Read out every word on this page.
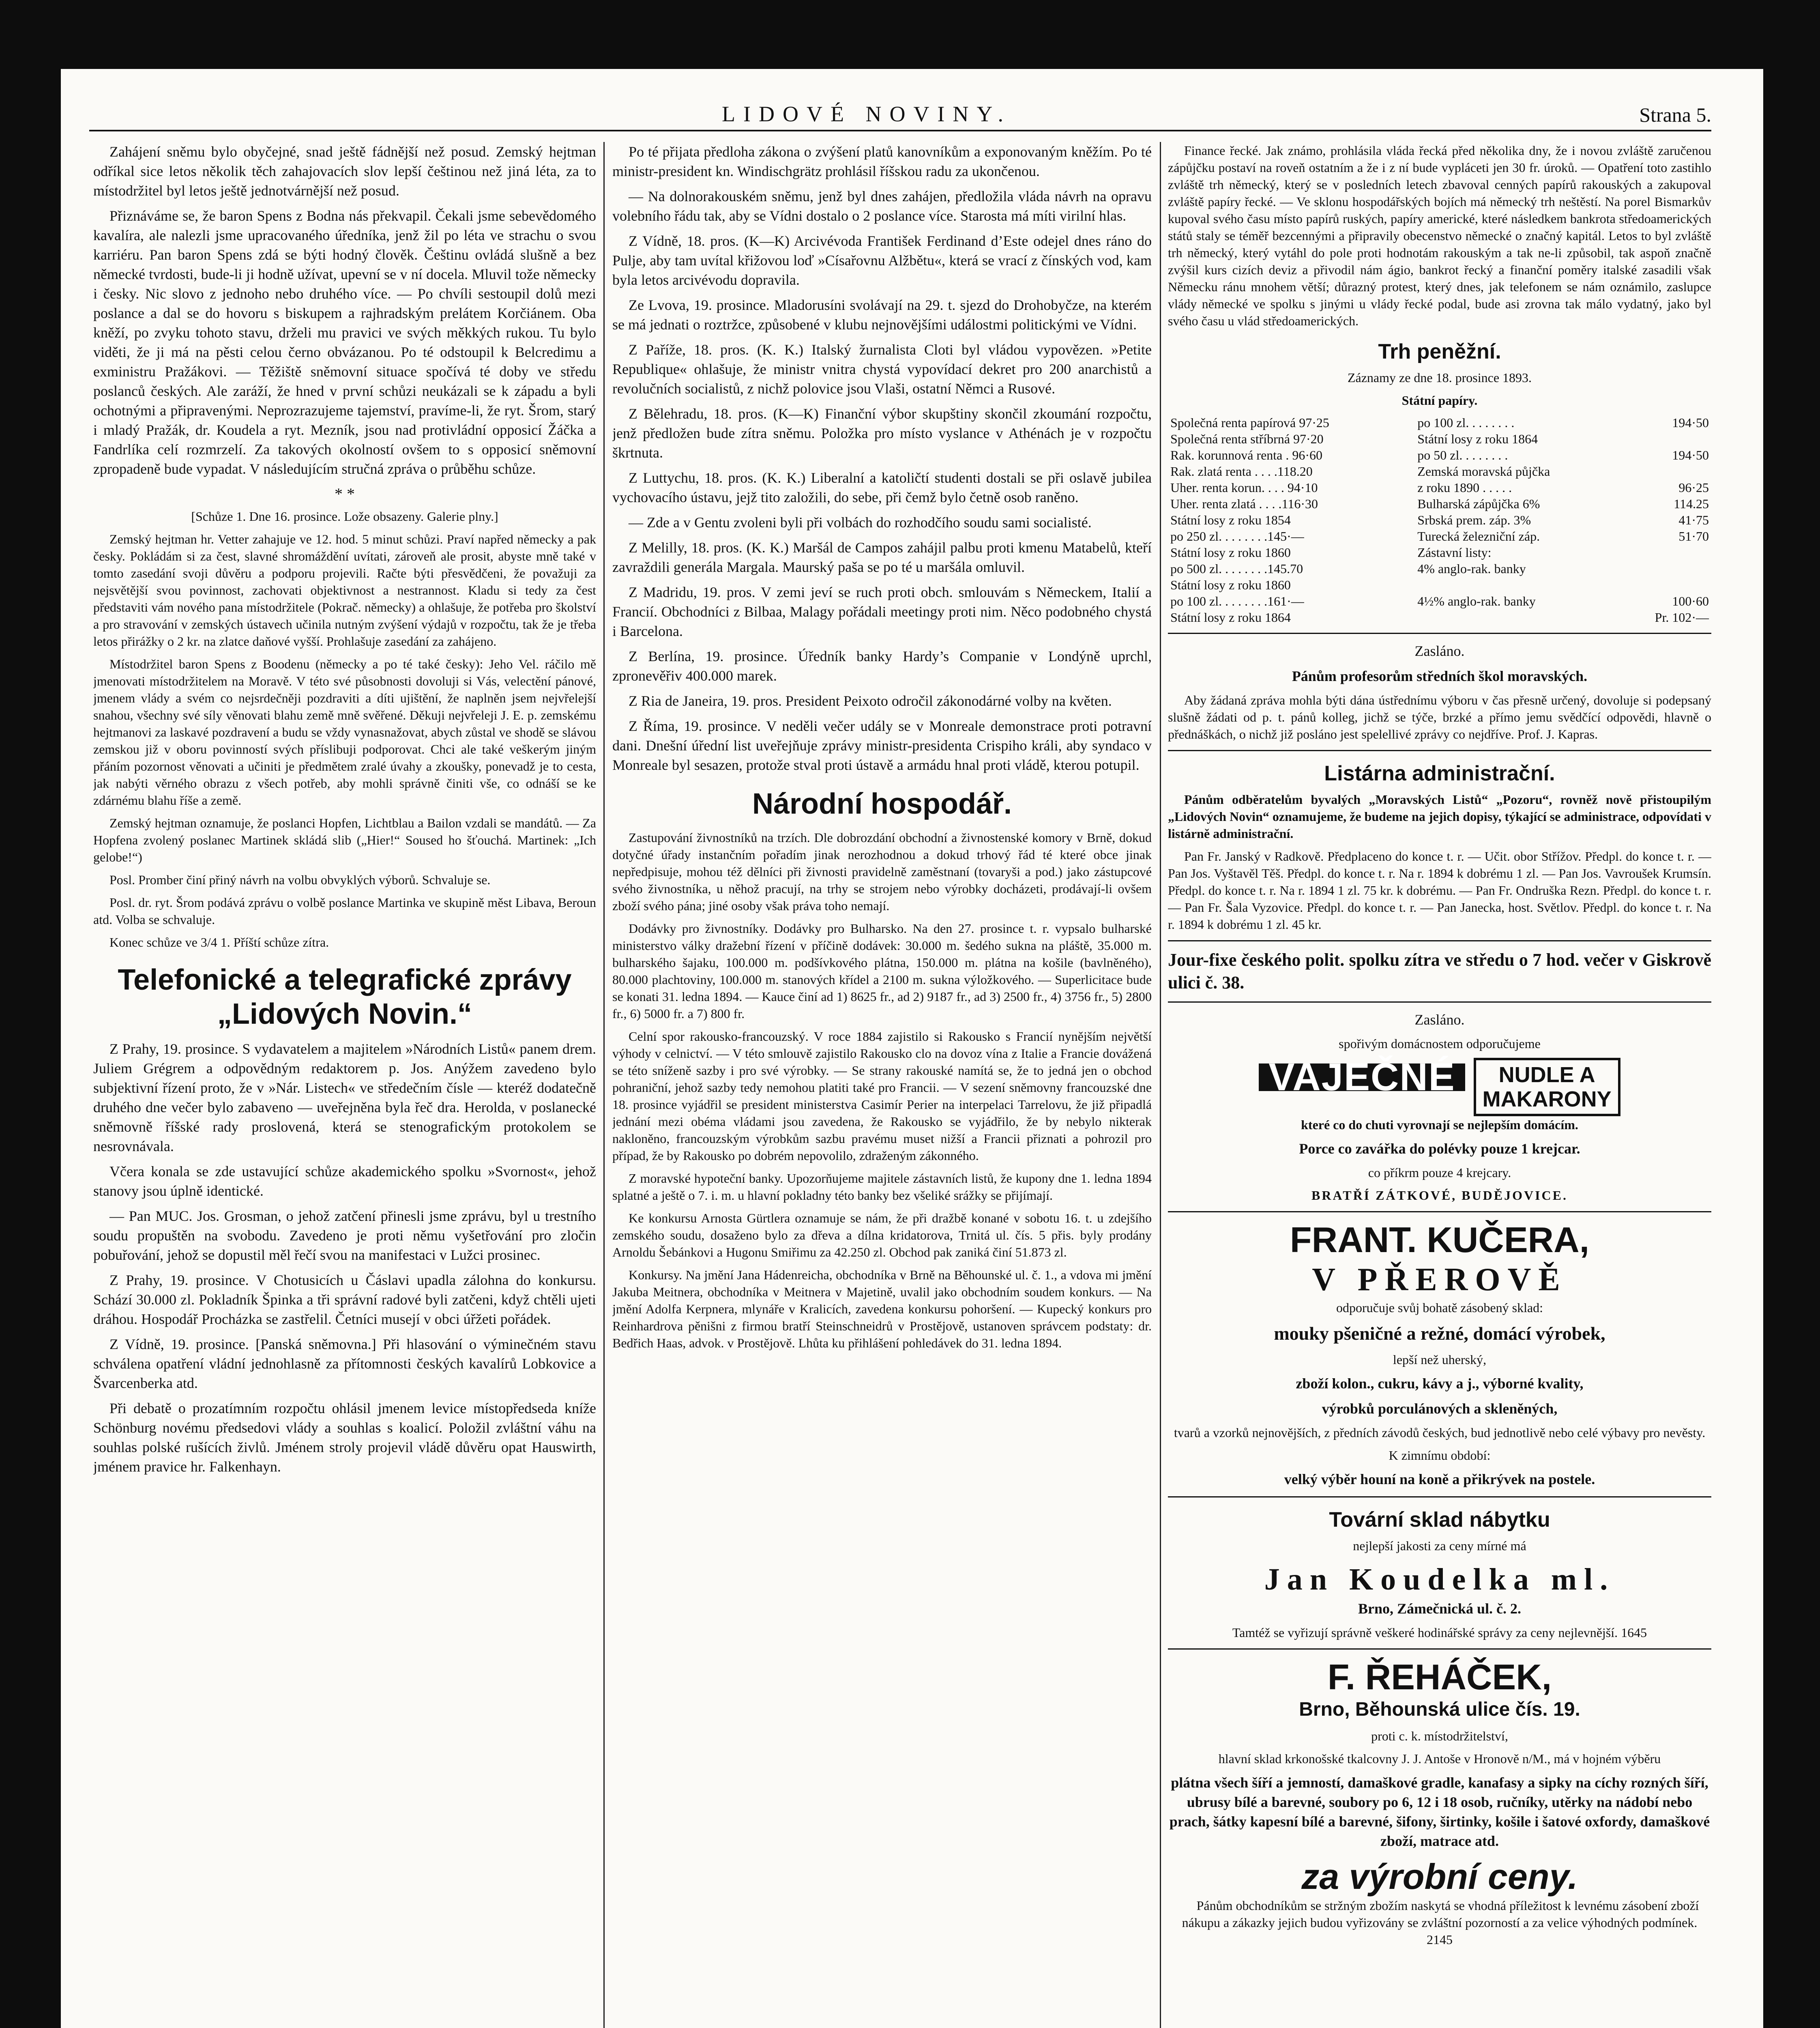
LIDOVÉ NOVINY.	Strana 5.

Zahájení sněmu bylo obyčejné, snad ještě fádnější než posud. Zemský hejtman odříkal sice letos několik těch zahajovacích slov lepší češtinou než jiná léta, za to místodržitel byl letos ještě jednotvárnější než posud.

Přiznáváme se, že baron Spens z Bodna nás překvapil. Čekali jsme sebevědomého kavalíra, ale nalezli jsme upracovaného úředníka, jenž žil po léta ve strachu o svou karriéru. Pan baron Spens zdá se býti hodný člověk. Češtinu ovládá slušně a bez německé tvrdosti, bude-li ji hodně užívat, upevní se v ní docela. Mluvil tože německy i česky. Nic slovo z jednoho nebo druhého více. — Po chvíli sestoupil dolů mezi poslance a dal se do hovoru s biskupem a rajhradským prelátem Korčiánem. Oba kněží, po zvyku tohoto stavu, drželi mu pravici ve svých měkkých rukou. Tu bylo viděti, že ji má na pěsti celou černo obvázanou. Po té odstoupil k Belcredimu a exministru Pražákovi. — Těžiště sněmovní situace spočívá té doby ve středu poslanců českých. Ale zaráží, že hned v první schůzi neukázali se k západu a byli ochotnými a připravenými. Neprozrazujeme tajemství, pravíme-li, že ryt. Šrom, starý i mladý Pražák, dr. Koudela a ryt. Mezník, jsou nad protivládní opposicí Žáčka a Fandrlíka celí rozmrzelí. Za takových okolností ovšem to s opposicí sněmovní zpropadeně bude vypadat. V následujícím stručná zpráva o průběhu schůze.

* *

[Schůze 1. Dne 16. prosince. Lože obsazeny. Galerie plny.]

Zemský hejtman hr. Vetter zahajuje ve 12. hod. 5 minut schůzi. Praví napřed německy a pak česky. Pokládám si za čest, slavné shromáždění uvítati, zároveň ale prosit, abyste mně také v tomto zasedání svoji důvěru a podporu projevili. Račte býti přesvědčeni, že považuji za nejsvětější svou povinnost, zachovati objektivnost a nestrannost. Kladu si tedy za čest představiti vám nového pana místodržitele (Pokrač. německy) a ohlašuje, že potřeba pro školství a pro stravování v zemských ústavech učinila nutným zvýšení výdajů v rozpočtu, tak že je třeba letos přirážky o 2 kr. na zlatce daňové vyšší. Prohlašuje zasedání za zahájeno.

Místodržitel baron Spens z Boodenu (německy a po té také česky): Jeho Vel. ráčilo mě jmenovati místodržitelem na Moravě. V této své působnosti dovoluji si Vás, velectění pánové, jmenem vlády a svém co nejsrdečněji pozdraviti a díti ujištění, že naplněn jsem nejvřelejší snahou, všechny své síly věnovati blahu země mně svěřené. Děkuji nejvřeleji J. E. p. zemskému hejtmanovi za laskavé pozdravení a budu se vždy vynasnažovat, abych zůstal ve shodě se slávou zemskou již v oboru povinností svých příslibuji podporovat. Chci ale také veškerým jiným přáním pozornost věnovati a učiniti je předmětem zralé úvahy a zkoušky, ponevadž je to cesta, jak nabýti věrného obrazu z všech potřeb, aby mohli správně činiti vše, co odnáší se ke zdárnému blahu říše a země.

Zemský hejtman oznamuje, že poslanci Hopfen, Lichtblau a Bailon vzdali se mandátů. — Za Hopfena zvolený poslanec Martinek skládá slib („Hier!“ Soused ho šťouchá. Martinek: „Ich gelobe!“)

Posl. Promber činí přiný návrh na volbu obvyklých výborů. Schvaluje se.

Posl. dr. ryt. Šrom podává zprávu o volbě poslance Martinka ve skupině měst Libava, Beroun atd. Volba se schvaluje.

Konec schůze ve 3/4 1. Příští schůze zítra.

Telefonické a telegrafické zprávy „Lidových Novin.“

Z Prahy, 19. prosince. S vydavatelem a majitelem »Národních Listů« panem drem. Juliem Grégrem a odpovědným redaktorem p. Jos. Anýžem zavedeno bylo subjektivní řízení proto, že v »Nár. Listech« ve středečním čísle — kteréž dodatečně druhého dne večer bylo zabaveno — uveřejněna byla řeč dra. Herolda, v poslanecké sněmovně říšské rady proslovená, která se stenografickým protokolem se nesrovnávala.

Včera konala se zde ustavující schůze akademického spolku »Svornost«, jehož stanovy jsou úplně identické.

— Pan MUC. Jos. Grosman, o jehož zatčení přinesli jsme zprávu, byl u trestního soudu propuštěn na svobodu. Zavedeno je proti němu vyšetřování pro zločin pobuřování, jehož se dopustil měl řečí svou na manifestaci v Lužci prosinec.

Z Prahy, 19. prosince. V Chotusicích u Čáslavi upadla zálohna do konkursu. Schází 30.000 zl. Pokladník Špinka a tři správní radové byli zatčeni, když chtěli ujeti dráhou. Hospodář Procházka se zastřelil. Četníci musejí v obci úřžeti pořádek.

Z Vídně, 19. prosince. [Panská sněmovna.] Při hlasování o výminečném stavu schválena opatření vládní jednohlasně za přítomnosti českých kavalírů Lobkovice a Švarcenberka atd.

Při debatě o prozatímním rozpočtu ohlásil jmenem levice místopředseda kníže Schönburg novému předsedovi vlády a souhlas s koalicí. Položil zvláštní váhu na souhlas polské rušících živlů. Jménem stroly projevil vládě důvěru opat Hauswirth, jménem pravice hr. Falkenhayn.

Po té přijata předloha zákona o zvýšení platů kanovníkům a exponovaným kněžím. Po té ministr-president kn. Windischgrätz prohlásil říšskou radu za ukončenou.

— Na dolnorakouském sněmu, jenž byl dnes zahájen, předložila vláda návrh na opravu volebního řádu tak, aby se Vídni dostalo o 2 poslance více. Starosta má míti virilní hlas.

Z Vídně, 18. pros. (K—K) Arcivévoda František Ferdinand d’Este odejel dnes ráno do Pulje, aby tam uvítal křižovou loď »Císařovnu Alžbětu«, která se vrací z čínských vod, kam byla letos arcivévodu dopravila.

Ze Lvova, 19. prosince. Mladorusíni svolávají na 29. t. sjezd do Drohobyčze, na kterém se má jednati o roztržce, způsobené v klubu nejnovějšími událostmi politickými ve Vídni.

Z Paříže, 18. pros. (K. K.) Italský žurnalista Cloti byl vládou vypovězen. »Petite Republique« ohlašuje, že ministr vnitra chystá vypovídací dekret pro 200 anarchistů a revolučních socialistů, z nichž polovice jsou Vlaši, ostatní Němci a Rusové.

Z Bělehradu, 18. pros. (K—K) Finanční výbor skupštiny skončil zkoumání rozpočtu, jenž předložen bude zítra sněmu. Položka pro místo vyslance v Athénách je v rozpočtu škrtnuta.

Z Luttychu, 18. pros. (K. K.) Liberalní a katoličtí studenti dostali se při oslavě jubilea vychovacího ústavu, jejž tito založili, do sebe, při čemž bylo četně osob raněno.

— Zde a v Gentu zvoleni byli při volbách do rozhodčího soudu sami socialisté.

Z Melilly, 18. pros. (K. K.) Maršál de Campos zahájil palbu proti kmenu Matabelů, kteří zavraždili generála Margala. Maurský paša se po té u maršála omluvil.

Z Madridu, 19. pros. V zemi jeví se ruch proti obch. smlouvám s Německem, Italií a Francií. Obchodníci z Bilbaa, Malagy pořádali meetingy proti nim. Něco podobného chystá i Barcelona.

Z Berlína, 19. prosince. Úředník banky Hardy’s Companie v Londýně uprchl, zpronevěřiv 400.000 marek.

Z Ria de Janeira, 19. pros. President Peixoto odročil zákonodárné volby na květen.

Z Říma, 19. prosince. V neděli večer udály se v Monreale demonstrace proti potravní dani. Dnešní úřední list uveřejňuje zprávy ministr-presidenta Crispiho králi, aby syndaco v Monreale byl sesazen, protože stval proti ústavě a armádu hnal proti vládě, kterou potupil.

Národní hospodář.

Zastupování živnostníků na trzích. Dle dobrozdání obchodní a živnostenské komory v Brně, dokud dotyčné úřady instančním pořadím jinak nerozhodnou a dokud trhový řád té které obce jinak nepředpisuje, mohou též dělníci při živnosti pravidelně zaměstnaní (tovaryši a pod.) jako zástupcové svého živnostníka, u něhož pracují, na trhy se strojem nebo výrobky docházeti, prodávají-li ovšem zboží svého pána; jiné osoby však práva toho nemají.

Dodávky pro živnostníky. Dodávky pro Bulharsko. Na den 27. prosince t. r. vypsalo bulharské ministerstvo války dražební řízení v příčině dodávek: 30.000 m. šedého sukna na pláště, 35.000 m. bulharského šajaku, 100.000 m. podšívkového plátna, 150.000 m. plátna na košile (bavlněného), 80.000 plachtoviny, 100.000 m. stanových křídel a 2100 m. sukna výložkového. — Superlicitace bude se konati 31. ledna 1894. — Kauce činí ad 1) 8625 fr., ad 2) 9187 fr., ad 3) 2500 fr., 4) 3756 fr., 5) 2800 fr., 6) 5000 fr. a 7) 800 fr.

Celní spor rakousko-francouzský. V roce 1884 zajistilo si Rakousko s Francií nynějším největší výhody v celnictví. — V této smlouvě zajistilo Rakousko clo na dovoz vína z Italie a Francie dovážená se této sníženě sazby i pro své výrobky. — Se strany rakouské namítá se, že to jedná jen o obchod pohraniční, jehož sazby tedy nemohou platiti také pro Francii. — V sezení sněmovny francouzské dne 18. prosince vyjádřil se president ministerstva Casimír Perier na interpelaci Tarrelovu, že již připadlá jednání mezi obéma vládami jsou zavedena, že Rakousko se vyjádřilo, že by nebylo nikterak nakloněno, francouzským výrobkům sazbu pravému muset nižší a Francii přiznati a pohrozil pro případ, že by Rakousko po dobrém nepovolilo, zdraženým zákonného.

Z moravské hypoteční banky. Upozorňujeme majitele zástavních listů, že kupony dne 1. ledna 1894 splatné a ještě o 7. i. m. u hlavní pokladny této banky bez všeliké srážky se přijímají.

Ke konkursu Arnosta Gürtlera oznamuje se nám, že při dražbě konané v sobotu 16. t. u zdejšího zemského soudu, dosaženo bylo za dřeva a dílna kridatorova, Trnitá ul. čís. 5 přis. byly prodány Arnoldu Šebánkovi a Hugonu Smiřimu za 42.250 zl. Obchod pak zaniká činí 51.873 zl.

Konkursy. Na jmění Jana Hádenreicha, obchodníka v Brně na Běhounské ul. č. 1., a vdova mi jmění Jakuba Meitnera, obchodníka v Meitnera v Majetině, uvalil jako obchodním soudem konkurs. — Na jmění Adolfa Kerpnera, mlynáře v Kralicích, zavedena konkursu pohoršení. — Kupecký konkurs pro Reinhardrova pěnišni z firmou bratří Steinschneidrů v Prostějově, ustanoven správcem podstaty: dr. Bedřich Haas, advok. v Prostějově. Lhůta ku přihlášení pohledávek do 31. ledna 1894.

Finance řecké. Jak známo, prohlásila vláda řecká před několika dny, že i novou zvláště zaručenou zápůjčku postaví na roveň ostatním a že i z ní bude vypláceti jen 30 fr. úroků. — Opatření toto zastihlo zvláště trh německý, který se v posledních letech zbavoval cenných papírů rakouských a zakupoval zvláště papíry řecké. — Ve sklonu hospodářských bojích má německý trh neštěstí. Na porel Bismarkův kupoval svého času místo papírů ruských, papíry americké, které následkem bankrota středoamerických států staly se téměř bezcennými a připravily obecenstvo německé o značný kapitál. Letos to byl zvláště trh německý, který vytáhl do pole proti hodnotám rakouským a tak ne-li způsobil, tak aspoň značně zvýšil kurs cizích deviz a přivodil nám ágio, bankrot řecký a finanční poměry italské zasadili však Německu ránu mnohem větší; důrazný protest, který dnes, jak telefonem se nám oznámilo, zaslupce vlády německé ve spolku s jinými u vlády řecké podal, bude asi zrovna tak málo vydatný, jako byl svého času u vlád středoamerických.

Trh peněžní.

Záznamy ze dne 18. prosince 1893.

Státní papíry.

Společná renta papírová 97·25	po 100 zl. . . . . . . .	194·50
Společná renta stříbrná 97·20	Státní losy z roku 1864	
Rak. korunnová renta . 96·60	po 50 zl. . . . . . . .	194·50
Rak. zlatá renta . . . .118.20	Zemská moravská půjčka	
Uher. renta korun. . . . 94·10	z roku 1890 . . . . .	96·25
Uher. renta zlatá . . . .116·30	Bulharská zápůjčka 6%	114.25
Státní losy z roku 1854	Srbská prem. záp. 3%	41·75
po 250 zl. . . . . . . .145·—	Turecká železniční záp.	51·70
Státní losy z roku 1860	Zástavní listy:	
po 500 zl. . . . . . . .145.70	4% anglo-rak. banky	
Státní losy z roku 1860		
po 100 zl. . . . . . . .161·—	4½% anglo-rak. banky	100·60
Státní losy z roku 1864		Pr. 102·—

Zasláno.

Pánům profesorům středních škol moravských.

Aby žádaná zpráva mohla býti dána ústřednímu výboru v čas přesně určený, dovoluje si podepsaný slušně žádati od p. t. pánů kolleg, jichž se týče, brzké a přímo jemu svědčící odpovědi, hlavně o přednáškách, o nichž již posláno jest spelellivé zprávy co nejdříve. Prof. J. Kapras.

Listárna administrační.

Pánům odběratelům byvalých „Moravských Listů“ „Pozoru“, rovněž nově přistoupilým „Lidových Novin“ oznamujeme, že budeme na jejich dopisy, týkající se administrace, odpovídati v listárně administrační.

Pan Fr. Janský v Radkově. Předplaceno do konce t. r. — Učit. obor Střížov. Předpl. do konce t. r. — Pan Jos. Vyštavěl Těš. Předpl. do konce t. r. Na r. 1894 k dobrému 1 zl. — Pan Jos. Vavroušek Krumsín. Předpl. do konce t. r. Na r. 1894 1 zl. 75 kr. k dobrému. — Pan Fr. Ondruška Rezn. Předpl. do konce t. r. — Pan Fr. Šala Vyzovice. Předpl. do konce t. r. — Pan Janecka, host. Světlov. Předpl. do konce t. r. Na r. 1894 k dobrému 1 zl. 45 kr.

Jour-fixe českého polit. spolku zítra ve středu o 7 hod. večer v Giskrově ulici č. 38.

Zasláno.

spořivým domácnostem odporučujeme

VAJEČNÉ NUDLE A
MAKARONY

které co do chuti vyrovnají se nejlepším domácím.

Porce co zavářka do polévky pouze 1 krejcar.

co příkrm pouze 4 krejcary.

BRATŘÍ ZÁTKOVÉ, BUDĚJOVICE.

FRANT. KUČERA,
V PŘEROVĚ

odporučuje svůj bohatě zásobený sklad:

mouky pšeničné a režné, domácí výrobek,

lepší než uherský,

zboží kolon., cukru, kávy a j., výborné kvality,

výrobků porculánových a skleněných,

tvarů a vzorků nejnovějších, z předních závodů českých, bud jednotlivě nebo celé výbavy pro nevěsty.

K zimnímu období:

velký výběr houní na koně a přikrývek na postele.

Tovární sklad nábytku

nejlepší jakosti za ceny mírné má

Jan Koudelka ml.

Brno, Zámečnická ul. č. 2.

Tamtéž se vyřizují správně veškeré hodinářské správy za ceny nejlevnější. 1645

F. ŘEHÁČEK,

Brno, Běhounská ulice čís. 19.

proti c. k. místodržitelství,

hlavní sklad krkonošské tkalcovny J. J. Antoše v Hronově n/M., má v hojném výběru

plátna všech šíří a jemností, damaškové gradle, kanafasy a sipky na cíchy rozných šíří, ubrusy bílé a barevné, soubory po 6, 12 i 18 osob, ručníky, utěrky na nádobí nebo prach, šátky kapesní bílé a barevné, šifony, širtinky, košile i šatové oxfordy, damaškové zboží, matrace atd.

za výrobní ceny.

Pánům obchodníkům se stržným zbožím naskytá se vhodná příležitost k levnému zásobení zboží nákupu a zákazky jejich budou vyřizovány se zvláštní pozorností a za velice výhodných podmínek. 2145
